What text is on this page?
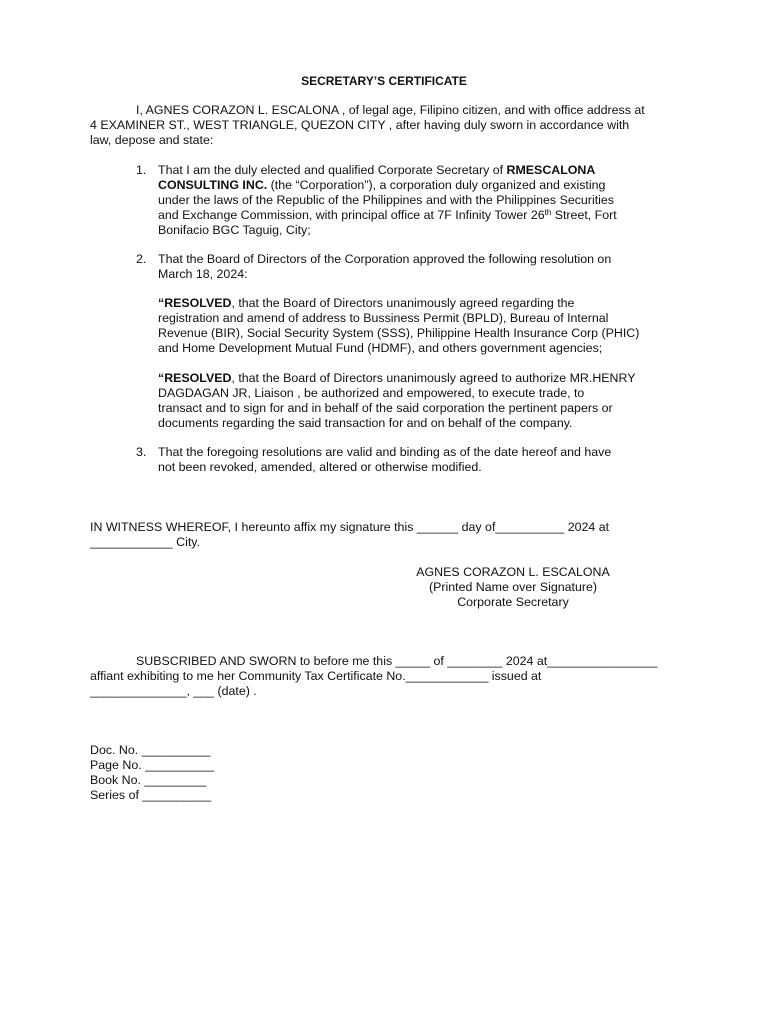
SECRETARY’S CERTIFICATE
I, AGNES CORAZON L. ESCALONA , of legal age, Filipino citizen, and with office address at
4 EXAMINER ST., WEST TRIANGLE, QUEZON CITY , after having duly sworn in accordance with
law, depose and state:
1. That I am the duly elected and qualified Corporate Secretary of RMESCALONA
CONSULTING INC. (the “Corporation”), a corporation duly organized and existing
under the laws of the Republic of the Philippines and with the Philippines Securities
and Exchange Commission, with principal office at 7F Infinity Tower 26th Street, Fort
Bonifacio BGC Taguig, City;
2. That the Board of Directors of the Corporation approved the following resolution on
March 18, 2024:
“RESOLVED, that the Board of Directors unanimously agreed regarding the
registration and amend of address to Bussiness Permit (BPLD), Bureau of Internal
Revenue (BIR), Social Security System (SSS), Philippine Health Insurance Corp (PHIC)
and Home Development Mutual Fund (HDMF), and others government agencies;
“RESOLVED, that the Board of Directors unanimously agreed to authorize MR.HENRY
DAGDAGAN JR, Liaison , be authorized and empowered, to execute trade, to
transact and to sign for and in behalf of the said corporation the pertinent papers or
documents regarding the said transaction for and on behalf of the company.
3. That the foregoing resolutions are valid and binding as of the date hereof and have
not been revoked, amended, altered or otherwise modified.
IN WITNESS WHEREOF, I hereunto affix my signature this ______ day of__________ 2024 at
____________ City.
AGNES CORAZON L. ESCALONA
(Printed Name over Signature)
Corporate Secretary
SUBSCRIBED AND SWORN to before me this _____ of ________ 2024 at________________
affiant exhibiting to me her Community Tax Certificate No.____________ issued at
______________, ___ (date) .
Doc. No. __________
Page No. __________
Book No. _________
Series of __________
